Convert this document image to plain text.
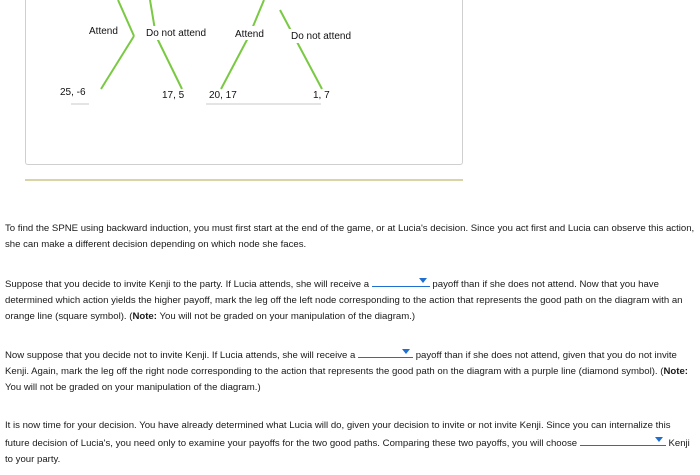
Attend	Do not attend	Attend	Do not attend
25, -6	17, 5 20, 17	1, 7

To find the SPNE using backward induction, you must first start at the end of the game, or at Lucia's decision. Since you act first and Lucia can observe this action, she can make a different decision depending on which node she faces.

Suppose that you decide to invite Kenji to the party. If Lucia attends, she will receive a	payoff than if she does not attend. Now that you have determined which action yields the higher payoff, mark the leg off the left node corresponding to the action that represents the good path on the diagram with an orange line (square symbol). (Note: You will not be graded on your manipulation of the diagram.)

Now suppose that you decide not to invite Kenji. If Lucia attends, she will receive a	payoff than if she does not attend, given that you do not invite Kenji. Again, mark the leg off the right node corresponding to the action that represents the good path on the diagram with a purple line (diamond symbol). (Note: You will not be graded on your manipulation of the diagram.)

It is now time for your decision. You have already determined what Lucia will do, given your decision to invite or not invite Kenji. Since you can internalize this future decision of Lucia's, you need only to examine your payoffs for the two good paths. Comparing these two payoffs, you will choose	Kenji to your party.
